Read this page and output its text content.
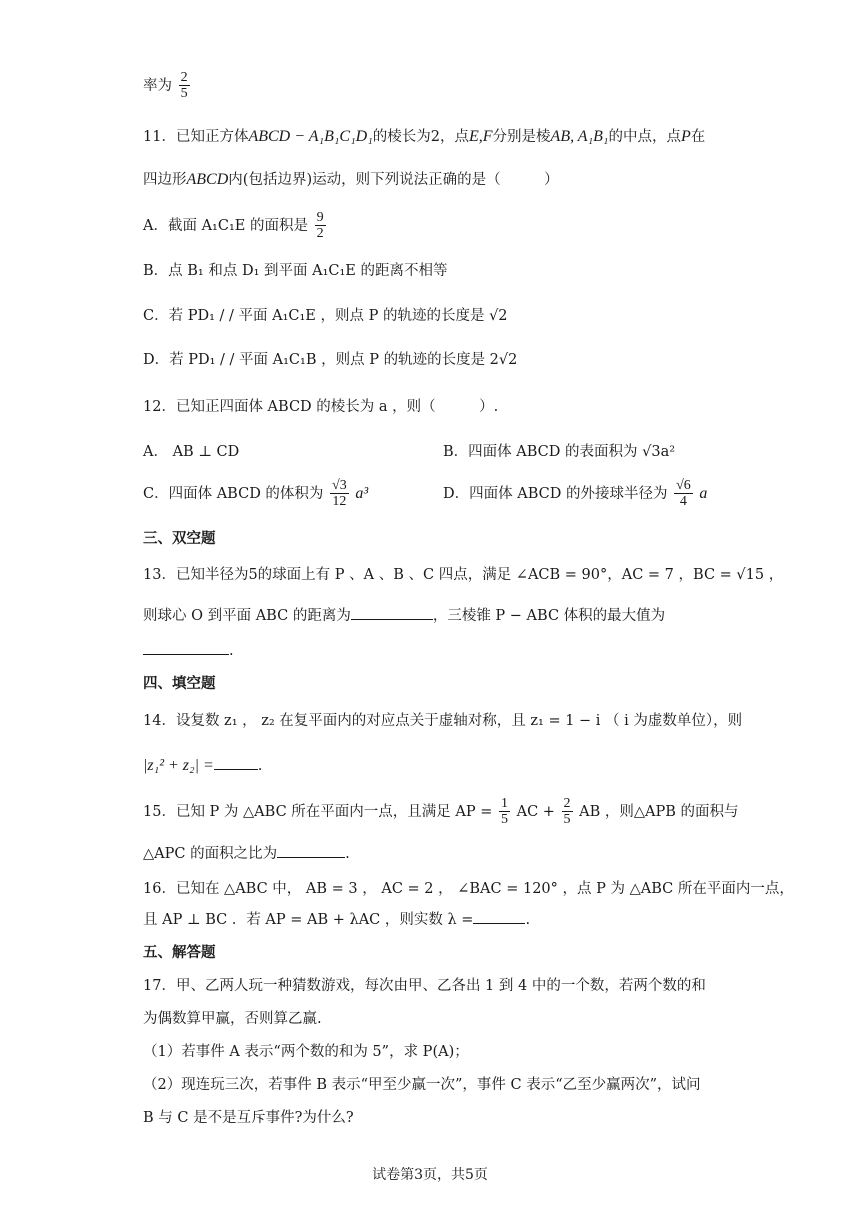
率为 $\frac{2}{5}$
11．已知正方体ABCD − A₁B₁C₁D₁的棱长为2，点E,F分别是棱AB, A₁B₁的中点，点P在
四边形ABCD内(包括边界)运动，则下列说法正确的是（　　　）
A．截面 A₁C₁E 的面积是 $\frac{9}{2}$
B．点 B₁ 和点 D₁ 到平面 A₁C₁E 的距离不相等
C．若 PD₁ / / 平面 A₁C₁E ，则点 P 的轨迹的长度是 √2
D．若 PD₁ / / 平面 A₁C₁B ，则点 P 的轨迹的长度是 2√2
12．已知正四面体 ABCD 的棱长为 a ，则（　　　）.
A． AB ⊥ CD	B．四面体 ABCD 的表面积为 √3a²
C．四面体 ABCD 的体积为 $\frac{√3}{12} a^3$	D．四面体 ABCD 的外接球半径为 $\frac{√6}{4}$ a
三、双空题
13．已知半径为5的球面上有 P 、A 、B 、C 四点，满足 ∠ACB = 90°，AC = 7 ，BC = √15 ，
则球心 O 到平面 ABC 的距离为	，三棱锥 P − ABC 体积的最大值为
.
四、填空题
14．设复数 z₁ ， z₂ 在复平面内的对应点关于虚轴对称，且 z₁ = 1 − i （ i 为虚数单位），则
|z₁² + z₂| =	.
15．已知 P 为 △ABC 所在平面内一点，且满足 AP = $\frac{1}{5}$ AC + $\frac{2}{5}$ AB ，则△APB 的面积与
△APC 的面积之比为	.
16．已知在 △ABC 中， AB = 3 ， AC = 2 ， ∠BAC = 120° ，点 P 为 △ABC 所在平面内一点，
且 AP ⊥ BC ．若 AP = AB + λAC ，则实数 λ =	.
五、解答题
17．甲、乙两人玩一种猜数游戏，每次由甲、乙各出 1 到 4 中的一个数，若两个数的和
为偶数算甲赢，否则算乙赢.
（1）若事件 A 表示“两个数的和为 5”，求 P(A)；
（2）现连玩三次，若事件 B 表示“甲至少赢一次”，事件 C 表示“乙至少赢两次”，试问
B 与 C 是不是互斥事件?为什么?
试卷第3页，共5页
